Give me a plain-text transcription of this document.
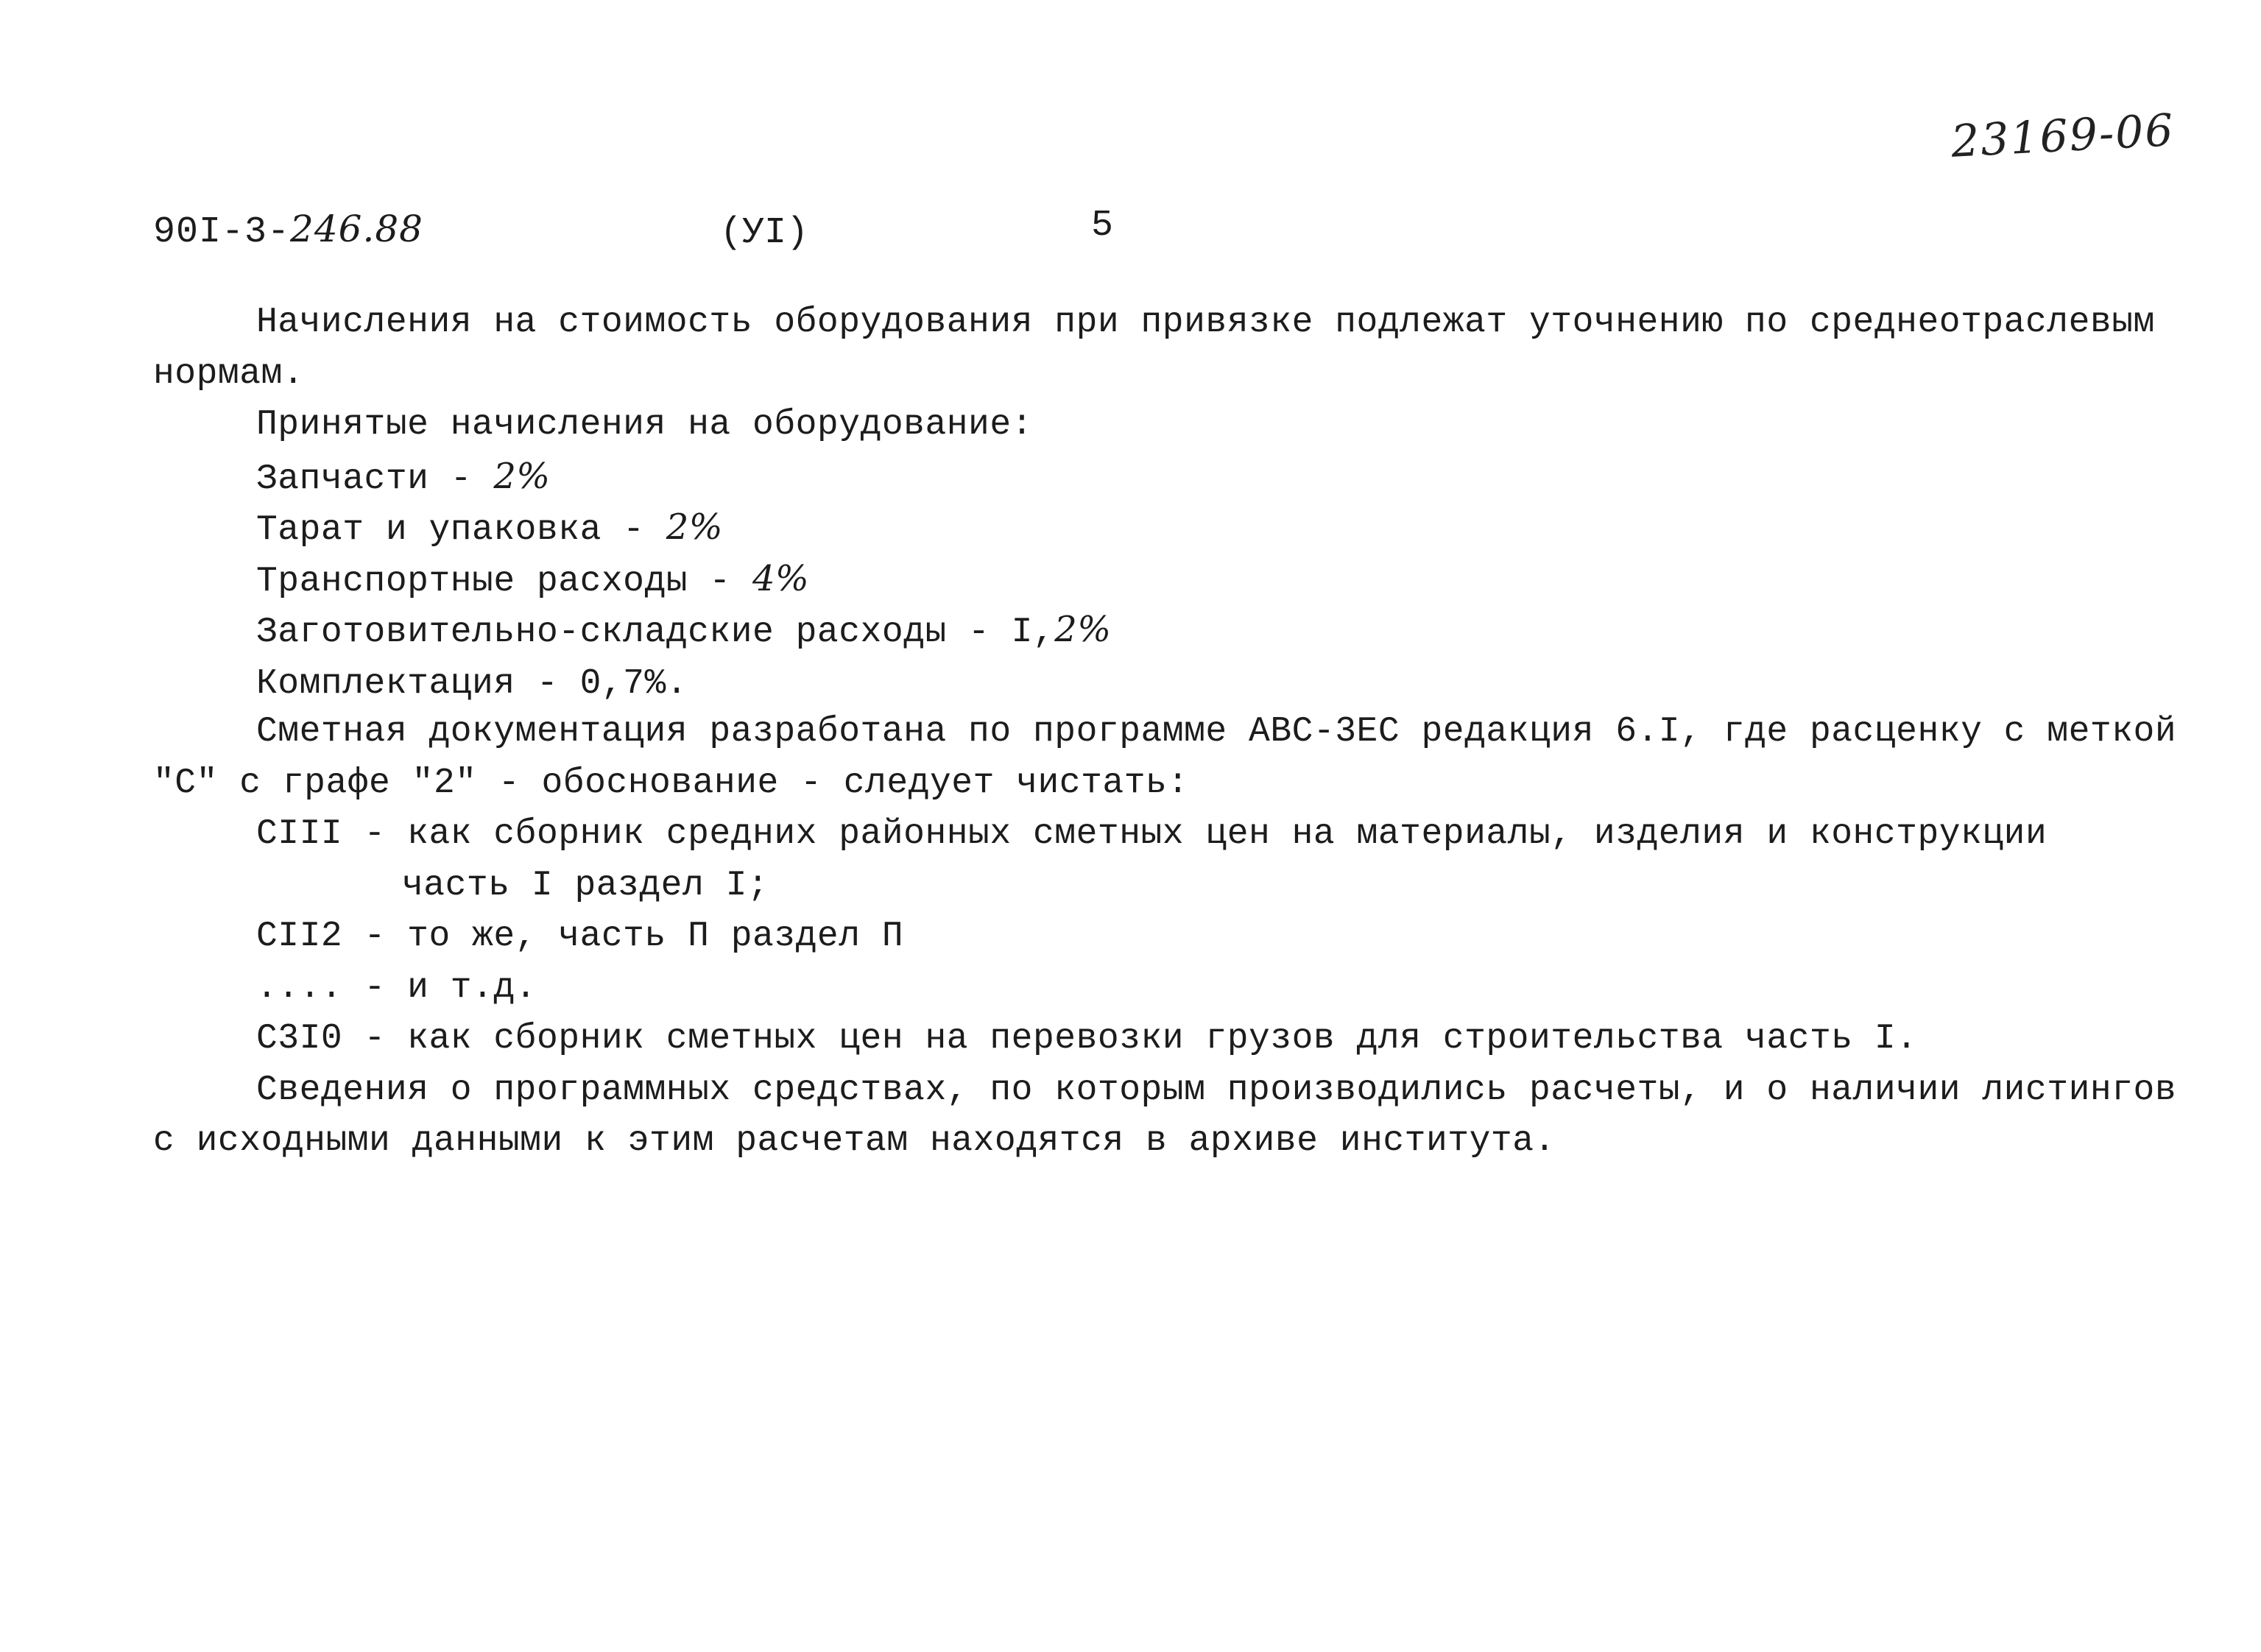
23169-06
90I-3-246.88	(УI)	5
Начисления на стоимость оборудования при привязке подлежат уточнению по среднеотраслевым
нормам.
Принятые начисления на оборудование:
Запчасти - 2%
Тарат и упаковка - 2%
Транспортные расходы - 4%
Заготовительно-складские расходы - I,2%
Комплектация - 0,7%.
Сметная документация разработана по программе АВС-3ЕС редакция 6.I, где расценку с меткой
"С" с графе "2" - обоснование - следует чистать:
СIII - как сборник средних районных сметных цен на материалы, изделия и конструкции
часть I раздел I;
СII2 - то же, часть П раздел П
.... - и т.д.
С3I0 - как сборник сметных цен на перевозки грузов для строительства часть I.
Сведения о программных средствах, по которым производились расчеты, и о наличии листингов
с исходными данными к этим расчетам находятся в архиве института.
